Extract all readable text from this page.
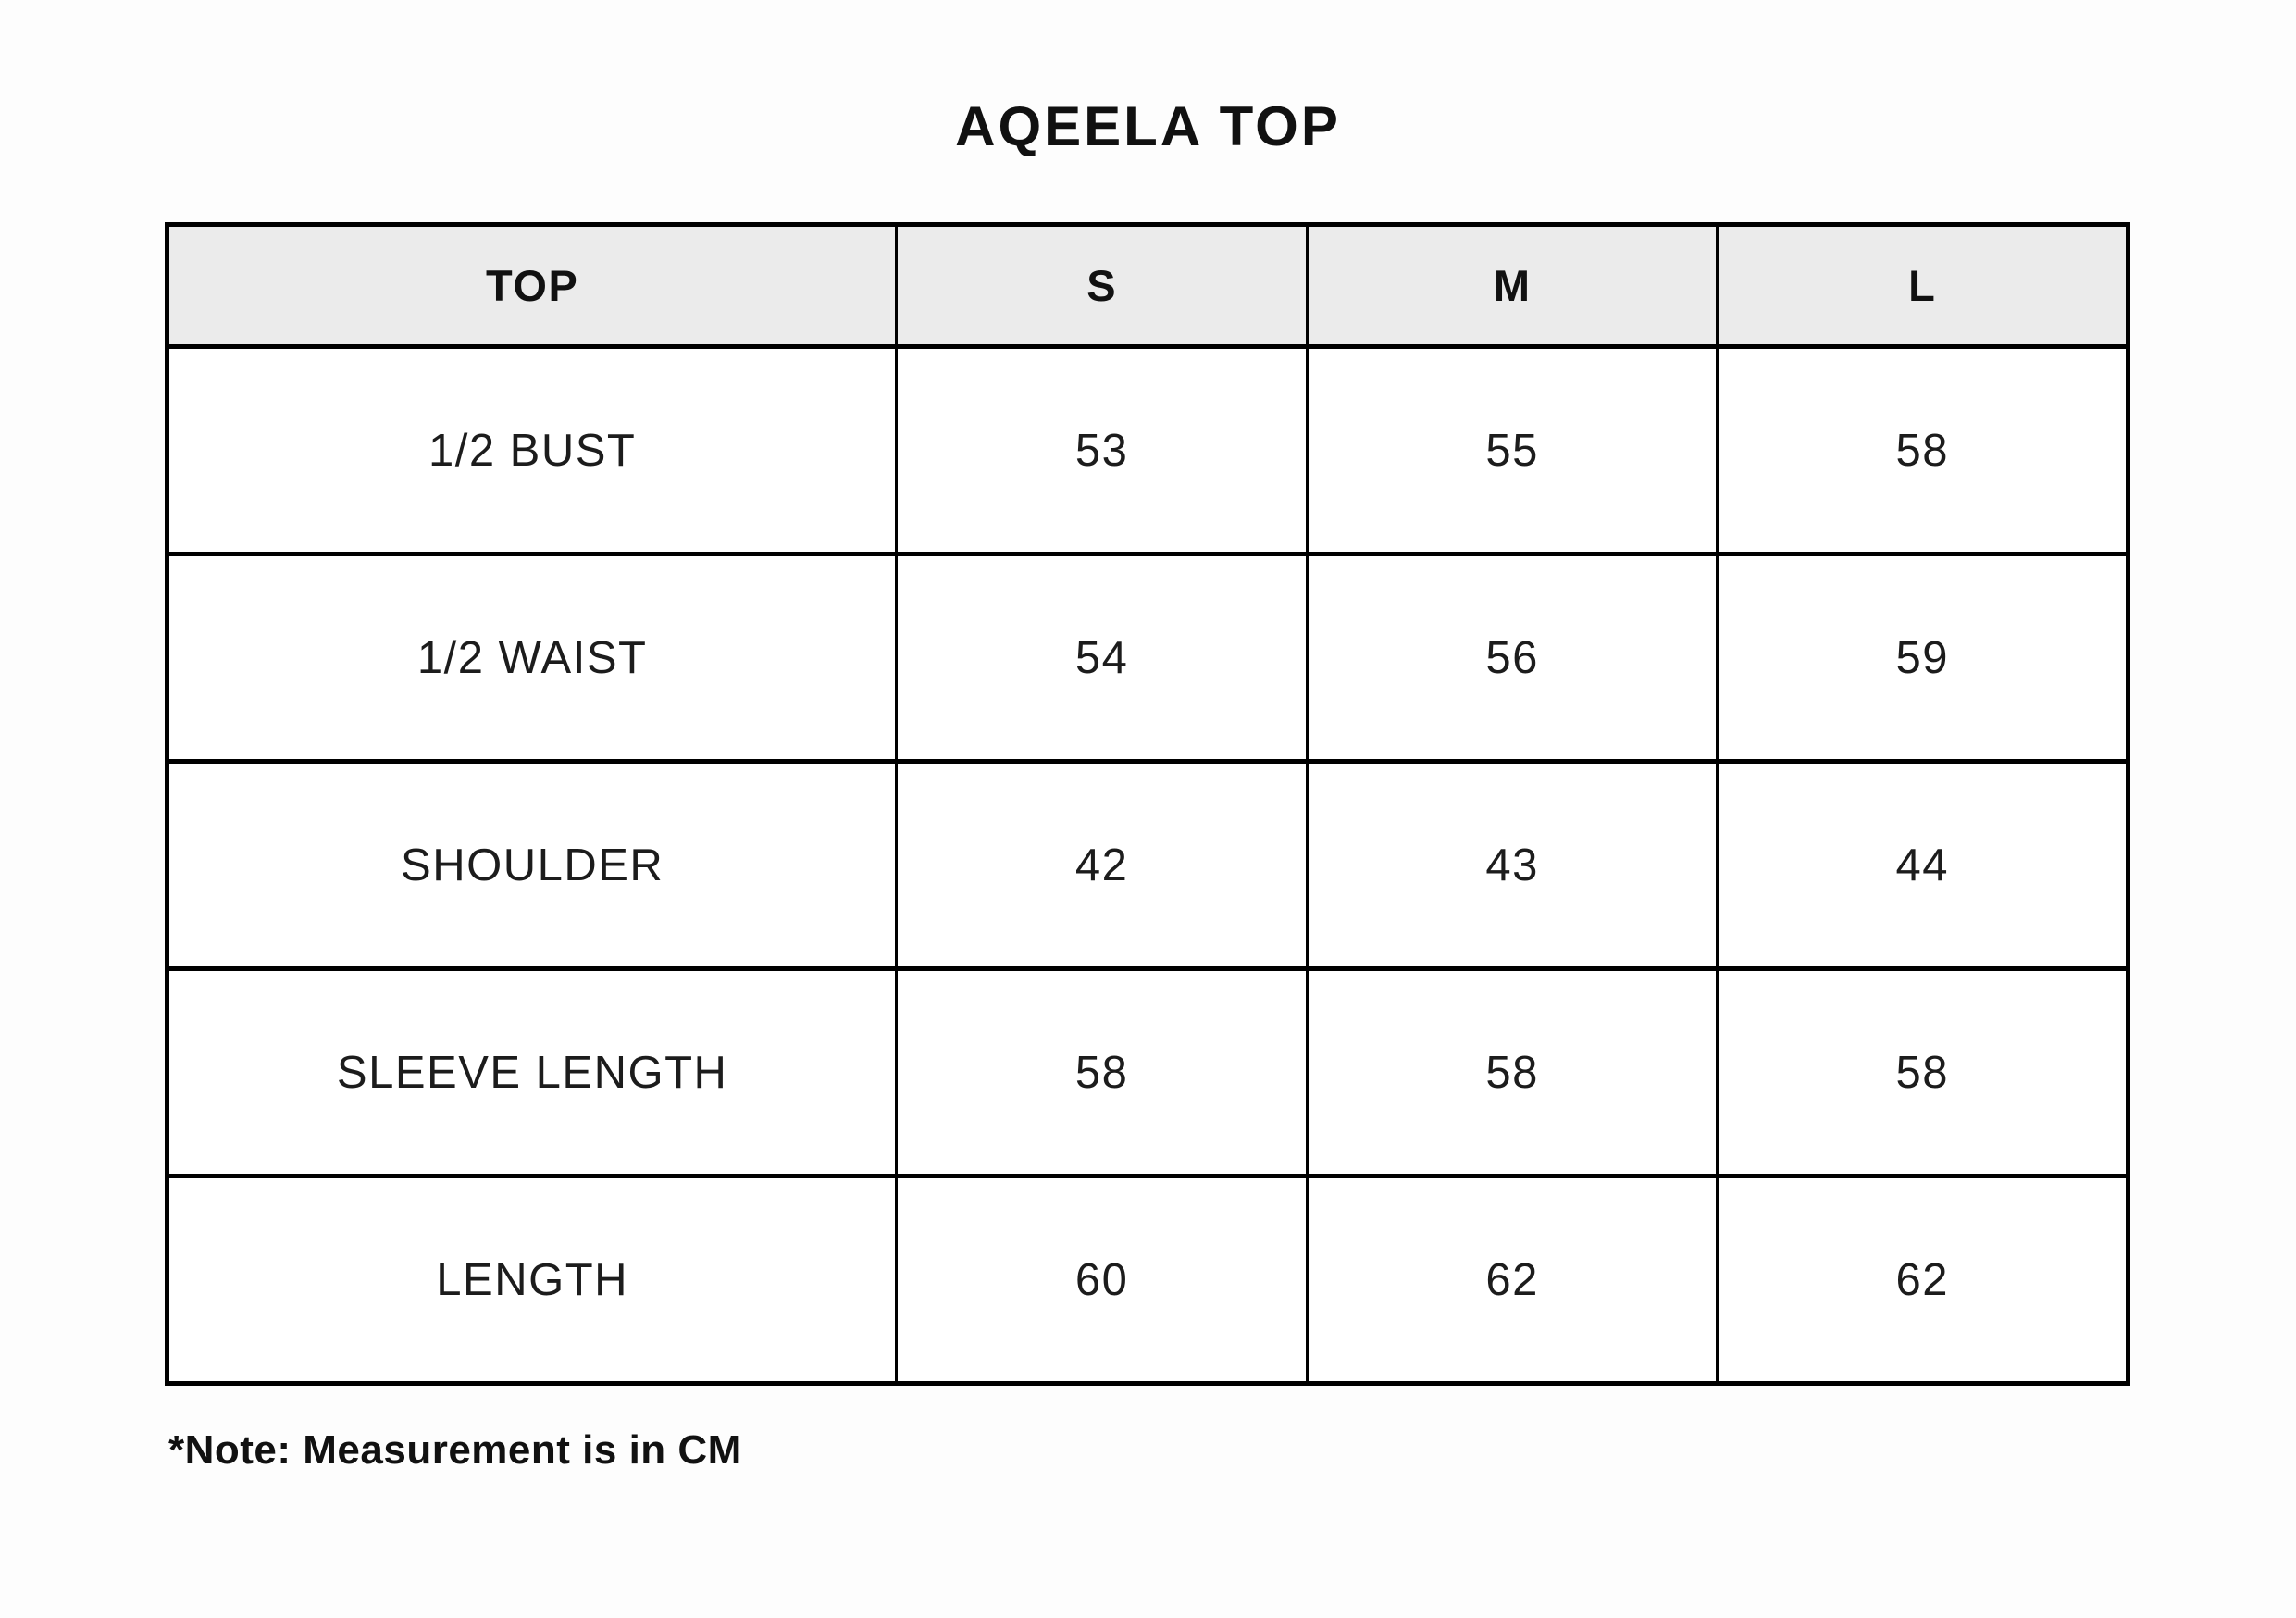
AQEELA TOP
TOP	S	M	L
1/2 BUST	53	55	58
1/2 WAIST	54	56	59
SHOULDER	42	43	44
SLEEVE LENGTH	58	58	58
LENGTH	60	62	62
*Note: Measurement is in CM
